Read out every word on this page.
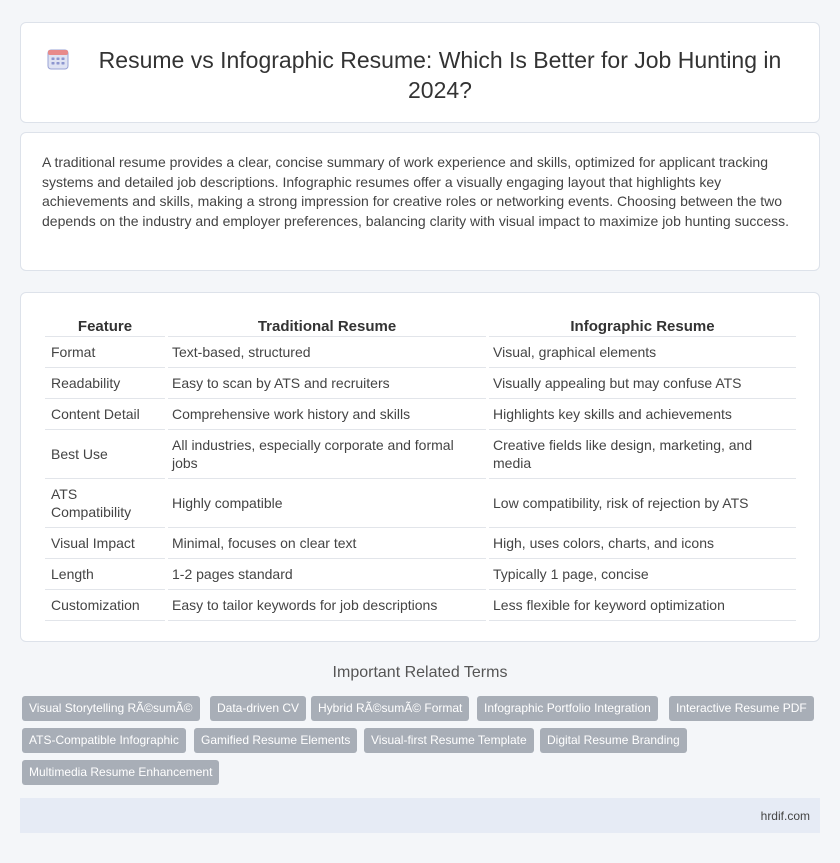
Resume vs Infographic Resume: Which Is Better for Job Hunting in 2024?

A traditional resume provides a clear, concise summary of work experience and skills, optimized for applicant tracking systems and detailed job descriptions. Infographic resumes offer a visually engaging layout that highlights key achievements and skills, making a strong impression for creative roles or networking events. Choosing between the two depends on the industry and employer preferences, balancing clarity with visual impact to maximize job hunting success.

Feature	Traditional Resume	Infographic Resume
Format	Text-based, structured	Visual, graphical elements
Readability	Easy to scan by ATS and recruiters	Visually appealing but may confuse ATS
Content Detail	Comprehensive work history and skills	Highlights key skills and achievements
Best Use	All industries, especially corporate and formal jobs	Creative fields like design, marketing, and media
ATS Compatibility	Highly compatible	Low compatibility, risk of rejection by ATS
Visual Impact	Minimal, focuses on clear text	High, uses colors, charts, and icons
Length	1-2 pages standard	Typically 1 page, concise
Customization	Easy to tailor keywords for job descriptions	Less flexible for keyword optimization
Important Related Terms
Visual Storytelling RÃ©sumÃ©	Data-driven CV	Hybrid RÃ©sumÃ© Format	Infographic Portfolio Integration	Interactive Resume PDF
ATS-Compatible Infographic	Gamified Resume Elements	Visual-first Resume Template	Digital Resume Branding
Multimedia Resume Enhancement
hrdif.com
